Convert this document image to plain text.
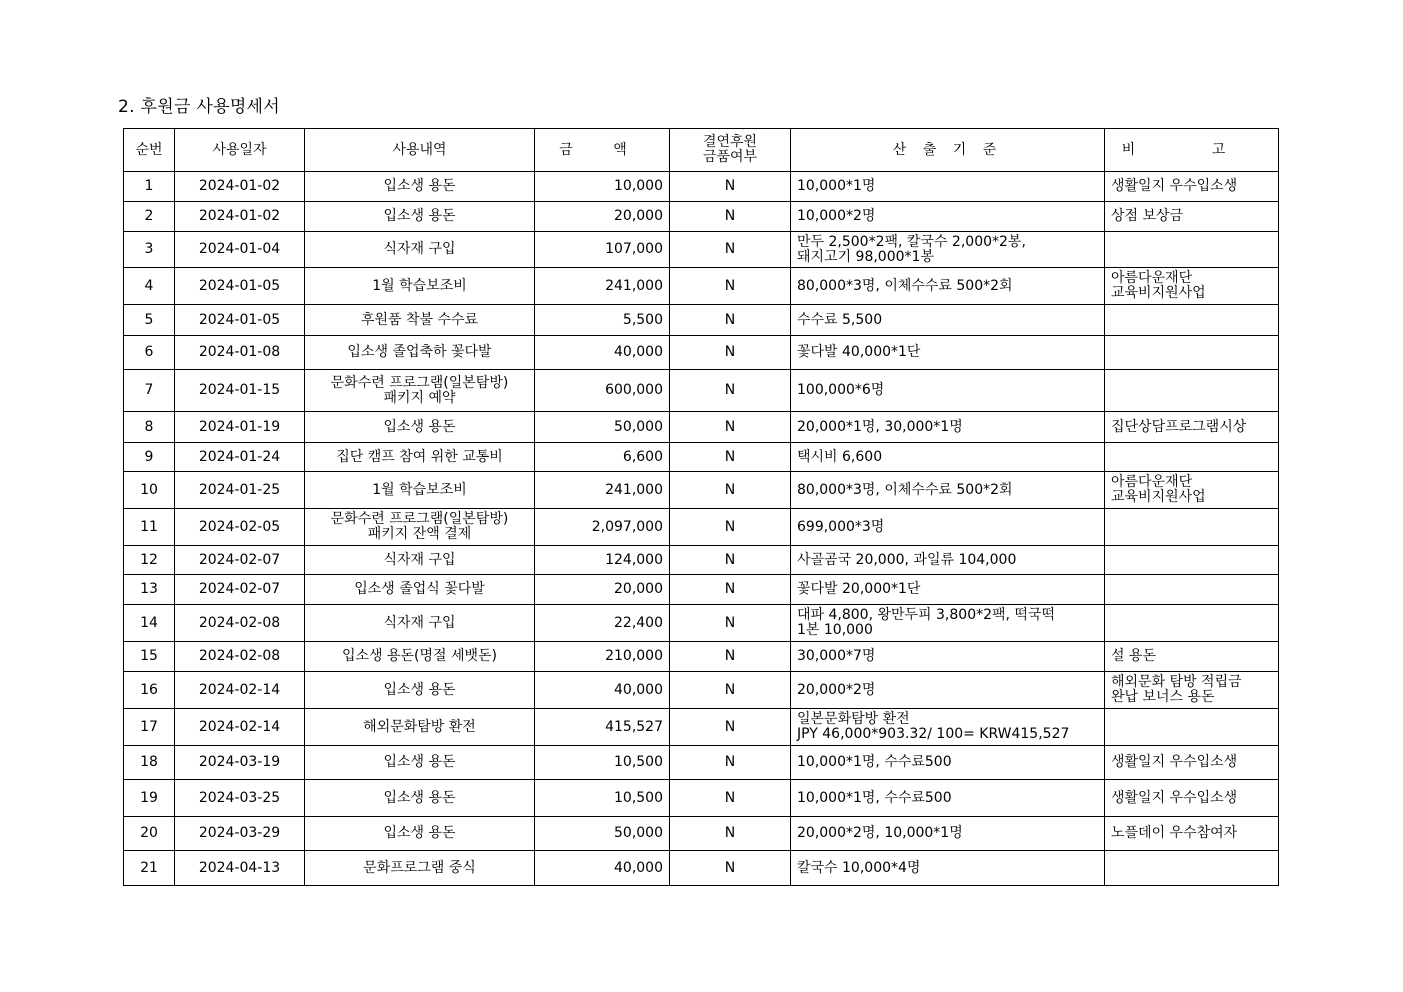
2. 후원금 사용명세서
순번	사용일자	사용내역	금 액	결연후원
금품여부	산 출 기 준	비 고
1	2024-01-02	입소생 용돈	10,000	N	10,000*1명	생활일지 우수입소생

2	2024-01-02	입소생 용돈	20,000	N	10,000*2명	상점 보상금

3	2024-01-04	식자재 구입	107,000	N	만두 2,500*2팩, 칼국수 2,000*2봉,
돼지고기 98,000*1봉	

4	2024-01-05	1월 학습보조비	241,000	N	80,000*3명, 이체수수료 500*2회	아름다운재단
교육비지원사업

5	2024-01-05	후원품 착불 수수료	5,500	N	수수료 5,500	

6	2024-01-08	입소생 졸업축하 꽃다발	40,000	N	꽃다발 40,000*1단	

7	2024-01-15	문화수련 프로그램(일본탐방)
패키지 예약	600,000	N	100,000*6명	

8	2024-01-19	입소생 용돈	50,000	N	20,000*1명, 30,000*1명	집단상담프로그램시상

9	2024-01-24	집단 캠프 참여 위한 교통비	6,600	N	택시비 6,600	

10	2024-01-25	1월 학습보조비	241,000	N	80,000*3명, 이체수수료 500*2회	아름다운재단
교육비지원사업

11	2024-02-05	문화수련 프로그램(일본탐방)
패키지 잔액 결제	2,097,000	N	699,000*3명	

12	2024-02-07	식자재 구입	124,000	N	사골곰국 20,000, 과일류 104,000	

13	2024-02-07	입소생 졸업식 꽃다발	20,000	N	꽃다발 20,000*1단	

14	2024-02-08	식자재 구입	22,400	N	대파 4,800, 왕만두피 3,800*2팩, 떡국떡
1본 10,000	

15	2024-02-08	입소생 용돈(명절 세뱃돈)	210,000	N	30,000*7명	설 용돈

16	2024-02-14	입소생 용돈	40,000	N	20,000*2명	해외문화 탐방 적립금
완납 보너스 용돈

17	2024-02-14	해외문화탐방 환전	415,527	N	일본문화탐방 환전
JPY 46,000*903.32/ 100= KRW415,527	

18	2024-03-19	입소생 용돈	10,500	N	10,000*1명, 수수료500	생활일지 우수입소생

19	2024-03-25	입소생 용돈	10,500	N	10,000*1명, 수수료500	생활일지 우수입소생

20	2024-03-29	입소생 용돈	50,000	N	20,000*2명, 10,000*1명	노플데이 우수참여자

21	2024-04-13	문화프로그램 중식	40,000	N	칼국수 10,000*4명	
